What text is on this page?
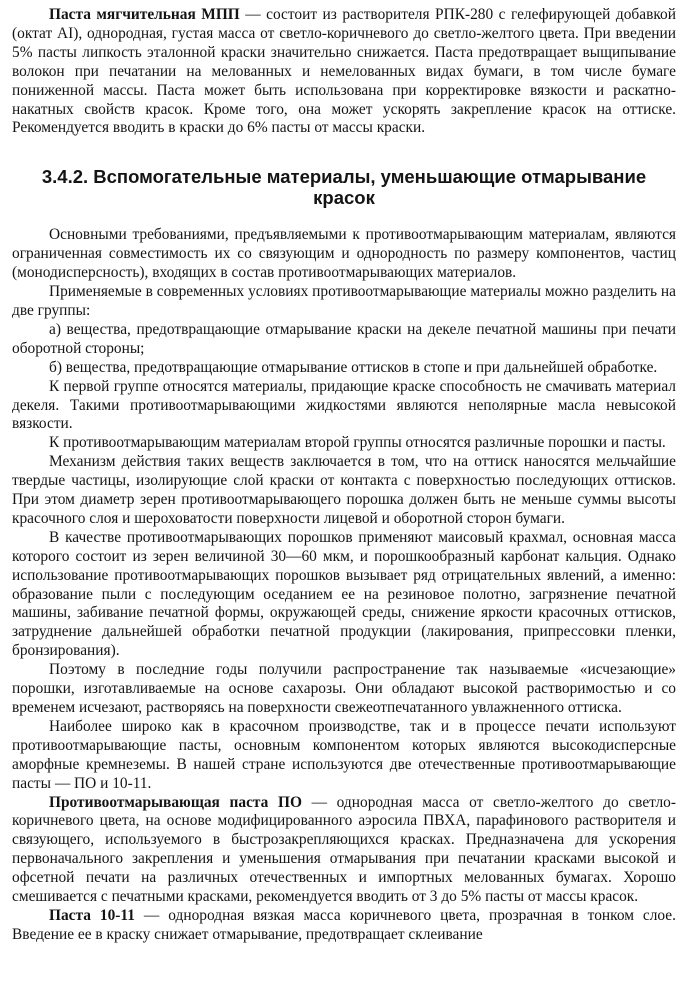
Паста мягчительная МПП — состоит из растворителя РПК-280 с гелефирующей добавкой (октат AI), однородная, густая масса от светло-коричневого до светло-желтого цвета. При введении 5% пасты липкость эталонной краски значительно снижается. Паста предотвращает выщипывание волокон при печатании на мелованных и немелованных видах бумаги, в том числе бумаге пониженной массы. Паста может быть использована при корректировке вязкости и раскатно-накатных свойств красок. Кроме того, она может ускорять закрепление красок на оттиске. Рекомендуется вводить в краски до 6% пасты от массы краски.

3.4.2. Вспомогательные материалы, уменьшающие отмарывание красок

Основными требованиями, предъявляемыми к противоотмарывающим материалам, являются ограниченная совместимость их со связующим и однородность по размеру компонентов, частиц (монодисперсность), входящих в состав противоотмарывающих материалов.

Применяемые в современных условиях противоотмарывающие материалы можно разделить на две группы:

а) вещества, предотвращающие отмарывание краски на декеле печатной машины при печати оборотной стороны;

б) вещества, предотвращающие отмарывание оттисков в стопе и при дальнейшей обработке.

К первой группе относятся материалы, придающие краске способность не смачивать материал декеля. Такими противоотмарывающими жидкостями являются неполярные масла невысокой вязкости.

К противоотмарывающим материалам второй группы относятся различные порошки и пасты.

Механизм действия таких веществ заключается в том, что на оттиск наносятся мельчайшие твердые частицы, изолирующие слой краски от контакта с поверхностью последующих оттисков. При этом диаметр зерен противоотмарывающего порошка должен быть не меньше суммы высоты красочного слоя и шероховатости поверхности лицевой и оборотной сторон бумаги.

В качестве противоотмарывающих порошков применяют маисовый крахмал, основная масса которого состоит из зерен величиной 30—60 мкм, и порошкообразный карбонат кальция. Однако использование противоотмарывающих порошков вызывает ряд отрицательных явлений, а именно: образование пыли с последующим оседанием ее на резиновое полотно, загрязнение печатной машины, забивание печатной формы, окружающей среды, снижение яркости красочных оттисков, затруднение дальнейшей обработки печатной продукции (лакирования, припрессовки пленки, бронзирования).

Поэтому в последние годы получили распространение так называемые «исчезающие» порошки, изготавливаемые на основе сахарозы. Они обладают высокой растворимостью и со временем исчезают, растворяясь на поверхности свежеотпечатанного увлажненного оттиска.

Наиболее широко как в красочном производстве, так и в процессе печати используют противоотмарывающие пасты, основным компонентом которых являются высокодисперсные аморфные кремнеземы. В нашей стране используются две отечественные противоотмарывающие пасты — ПО и 10-11.

Противоотмарывающая паста ПО — однородная масса от светло-желтого до светло-коричневого цвета, на основе модифицированного аэросила ПВХА, парафинового растворителя и связующего, используемого в быстрозакрепляющихся красках. Предназначена для ускорения первоначального закрепления и уменьшения отмарывания при печатании красками высокой и офсетной печати на различных отечественных и импортных мелованных бумагах. Хорошо смешивается с печатными красками, рекомендуется вводить от 3 до 5% пасты от массы красок.

Паста 10-11 — однородная вязкая масса коричневого цвета, прозрачная в тонком слое. Введение ее в краску снижает отмарывание, предотвращает склеивание
